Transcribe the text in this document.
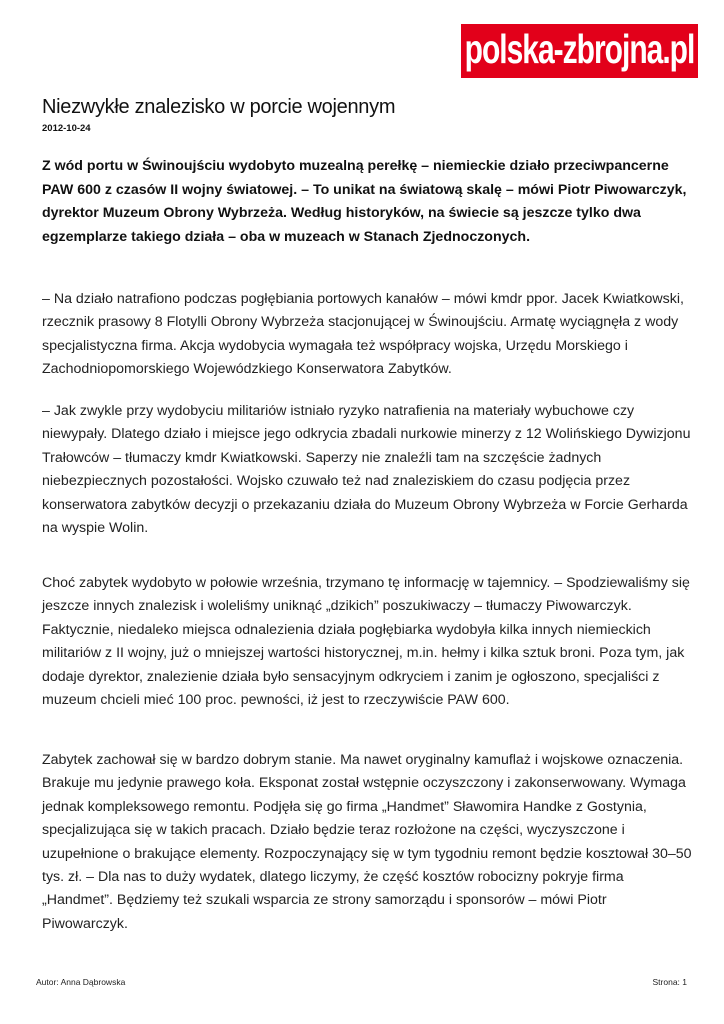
polska-zbrojna.pl
Niezwykłe znalezisko w porcie wojennym
2012-10-24

Z wód portu w Świnoujściu wydobyto muzealną perełkę – niemieckie działo przeciwpancerne PAW 600 z czasów II wojny światowej. – To unikat na światową skalę – mówi Piotr Piwowarczyk, dyrektor Muzeum Obrony Wybrzeża. Według historyków, na świecie są jeszcze tylko dwa egzemplarze takiego działa – oba w muzeach w Stanach Zjednoczonych.

– Na działo natrafiono podczas pogłębiania portowych kanałów – mówi kmdr ppor. Jacek Kwiatkowski, rzecznik prasowy 8 Flotylli Obrony Wybrzeża stacjonującej w Świnoujściu. Armatę wyciągnęła z wody specjalistyczna firma. Akcja wydobycia wymagała też współpracy wojska, Urzędu Morskiego i Zachodniopomorskiego Wojewódzkiego Konserwatora Zabytków.

– Jak zwykle przy wydobyciu militariów istniało ryzyko natrafienia na materiały wybuchowe czy niewypały. Dlatego działo i miejsce jego odkrycia zbadali nurkowie minerzy z 12 Wolińskiego Dywizjonu Trałowców – tłumaczy kmdr Kwiatkowski. Saperzy nie znaleźli tam na szczęście żadnych niebezpiecznych pozostałości. Wojsko czuwało też nad znaleziskiem do czasu podjęcia przez konserwatora zabytków decyzji o przekazaniu działa do Muzeum Obrony Wybrzeża w Forcie Gerharda na wyspie Wolin.

Choć zabytek wydobyto w połowie września, trzymano tę informację w tajemnicy. – Spodziewaliśmy się jeszcze innych znalezisk i woleliśmy uniknąć „dzikich” poszukiwaczy – tłumaczy Piwowarczyk. Faktycznie, niedaleko miejsca odnalezienia działa pogłębiarka wydobyła kilka innych niemieckich militariów z II wojny, już o mniejszej wartości historycznej, m.in. hełmy i kilka sztuk broni. Poza tym, jak dodaje dyrektor, znalezienie działa było sensacyjnym odkryciem i zanim je ogłoszono, specjaliści z muzeum chcieli mieć 100 proc. pewności, iż jest to rzeczywiście PAW 600.

Zabytek zachował się w bardzo dobrym stanie. Ma nawet oryginalny kamuflaż i wojskowe oznaczenia. Brakuje mu jedynie prawego koła. Eksponat został wstępnie oczyszczony i zakonserwowany. Wymaga jednak kompleksowego remontu. Podjęła się go firma „Handmet” Sławomira Handke z Gostynia, specjalizująca się w takich pracach. Działo będzie teraz rozłożone na części, wyczyszczone i uzupełnione o brakujące elementy. Rozpoczynający się w tym tygodniu remont będzie kosztował 30–50 tys. zł. – Dla nas to duży wydatek, dlatego liczymy, że część kosztów robocizny pokryje firma „Handmet”. Będziemy też szukali wsparcia ze strony samorządu i sponsorów – mówi Piotr Piwowarczyk.

Autor: Anna Dąbrowska	Strona: 1
